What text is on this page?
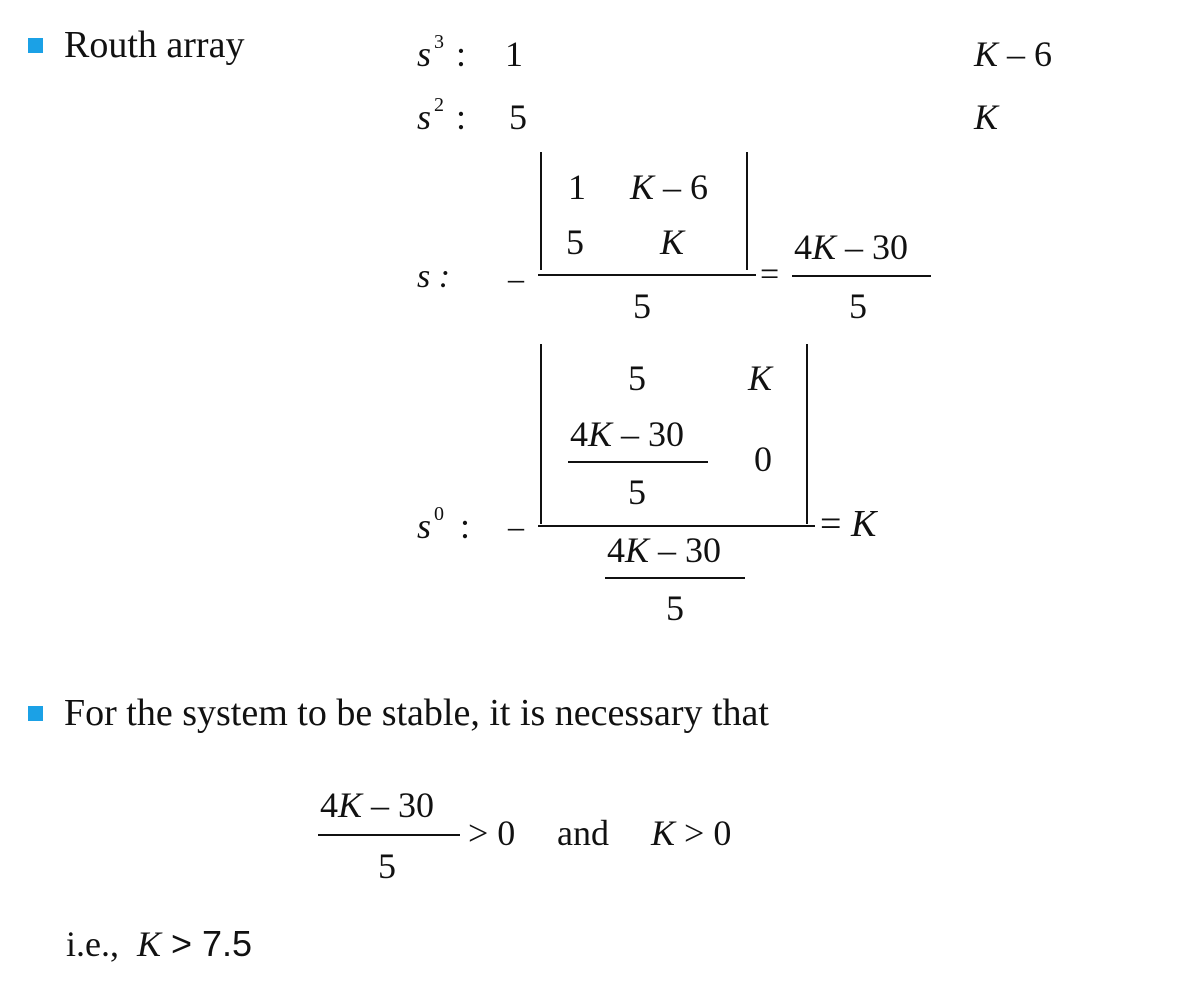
Routh array	s 3 : 1	K – 6
s 2 : 5	K
s : –
1 K – 6
5 K
5
=
4K – 30
5
s 0 : –
5	K
4K – 30
5
0
4K – 30
5
= K
For the system to be stable, it is necessary that
4K – 30
5
> 0 and K > 0
i.e., K > 7.5
